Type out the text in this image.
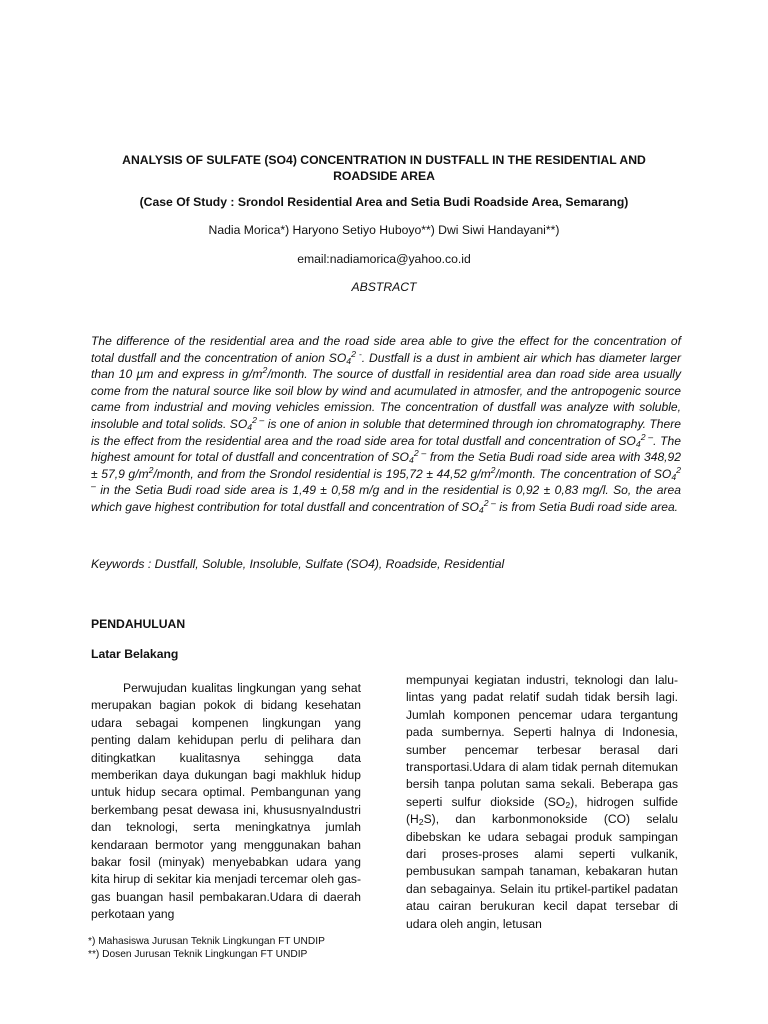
ANALYSIS OF SULFATE (SO4) CONCENTRATION IN DUSTFALL IN THE RESIDENTIAL AND ROADSIDE AREA
(Case Of Study : Srondol Residential Area and Setia Budi Roadside Area, Semarang)
Nadia Morica*) Haryono Setiyo Huboyo**) Dwi Siwi Handayani**)
email:nadiamorica@yahoo.co.id
ABSTRACT

The difference of the residential area and the road side area able to give the effect for the concentration of total dustfall and the concentration of anion $SO_4^{2 -}$. Dustfall is a dust in ambient air which has diameter larger than 10 µm and express in $g/m^2$/month. The source of dustfall in residential area dan road side area usually come from the natural source like soil blow by wind and acumulated in atmosfer, and the antropogenic source came from industrial and moving vehicles emission. The concentration of dustfall was analyze with soluble, insoluble and total solids. $SO_4^{2 -}$ is one of anion in soluble that determined through ion chromatography. There is the effect from the residential area and the road side area for total dustfall and concentration of $SO_4^{2 -}$. The highest amount for total of dustfall and concentration of $SO_4^{2 -}$ from the Setia Budi road side area with 348,92 ± 57,9 $g/m^2$/month, and from the Srondol residential is 195,72 ± 44,52 $g/m^2$/month. The concentration of $SO_4^{2 -}$ in the Setia Budi road side area is 1,49 ± 0,58 m/g and in the residential is 0,92 ± 0,83 mg/l. So, the area which gave highest contribution for total dustfall and concentration of $SO_4^{2 -}$ is from Setia Budi road side area.

Keywords : Dustfall, Soluble, Insoluble, Sulfate (SO4), Roadside, Residential

PENDAHULUAN
Latar Belakang

Perwujudan kualitas lingkungan yang sehat merupakan bagian pokok di bidang kesehatan udara sebagai kompenen lingkungan yang penting dalam kehidupan perlu di pelihara dan ditingkatkan kualitasnya sehingga data memberikan daya dukungan bagi makhluk hidup untuk hidup secara optimal. Pembangunan yang berkembang pesat dewasa ini, khususnyaIndustri dan teknologi, serta meningkatnya jumlah kendaraan bermotor yang menggunakan bahan bakar fosil (minyak) menyebabkan udara yang kita hirup di sekitar kia menjadi tercemar oleh gas-gas buangan hasil pembakaran.Udara di daerah perkotaan yang

mempunyai kegiatan industri, teknologi dan lalu-lintas yang padat relatif sudah tidak bersih lagi. Jumlah komponen pencemar udara tergantung pada sumbernya. Seperti halnya di Indonesia, sumber pencemar terbesar berasal dari transportasi.Udara di alam tidak pernah ditemukan bersih tanpa polutan sama sekali. Beberapa gas seperti sulfur diokside $(SO_2)$, hidrogen sulfide $(H_2S)$, dan karbonmonokside (CO) selalu dibebskan ke udara sebagai produk sampingan dari proses-proses alami seperti vulkanik, pembusukan sampah tanaman, kebakaran hutan dan sebagainya. Selain itu prtikel-partikel padatan atau cairan berukuran kecil dapat tersebar di udara oleh angin, letusan

*) Mahasiswa Jurusan Teknik Lingkungan FT UNDIP
**) Dosen Jurusan Teknik Lingkungan FT UNDIP
